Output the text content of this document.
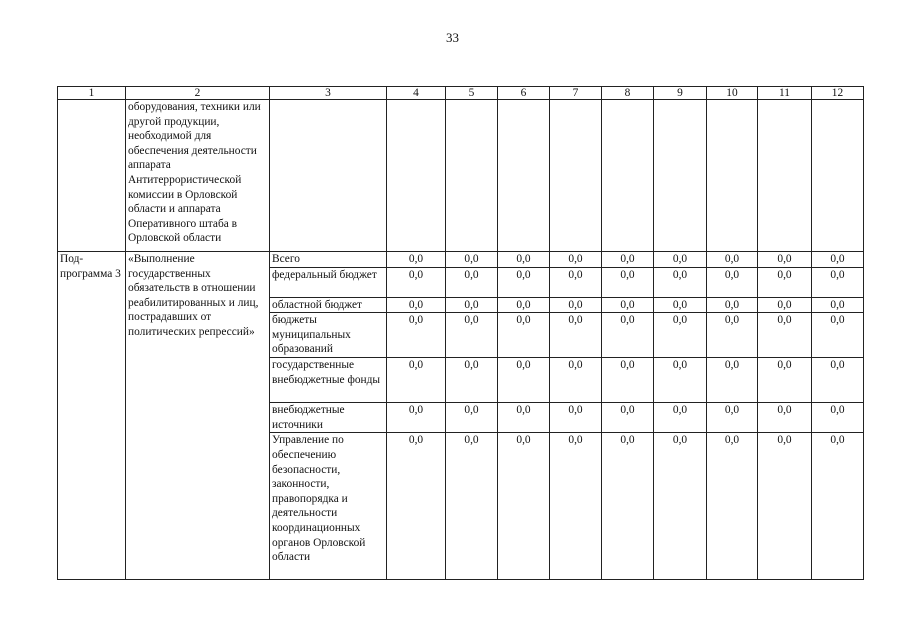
33
1	2	3	4	5	6	7	8	9	10	11	12
	оборудования, техники или другой продукции, необходимой для обеспечения деятельности аппарата Антитеррористической комиссии в Орловской области и аппарата Оперативного штаба в Орловской области										
Под-программа 3	«Выполнение государственных обязательств в отношении реабилитированных и лиц, пострадавших от политических репрессий»	Всего	0,0	0,0	0,0	0,0	0,0	0,0	0,0	0,0	0,0
		федеральный бюджет	0,0	0,0	0,0	0,0	0,0	0,0	0,0	0,0	0,0
		областной бюджет	0,0	0,0	0,0	0,0	0,0	0,0	0,0	0,0	0,0
		бюджеты муниципальных образований	0,0	0,0	0,0	0,0	0,0	0,0	0,0	0,0	0,0
		государственные внебюджетные фонды	0,0	0,0	0,0	0,0	0,0	0,0	0,0	0,0	0,0
		внебюджетные источники	0,0	0,0	0,0	0,0	0,0	0,0	0,0	0,0	0,0
		Управление по обеспечению безопасности, законности, правопорядка и деятельности координационных органов Орловской области	0,0	0,0	0,0	0,0	0,0	0,0	0,0	0,0	0,0
